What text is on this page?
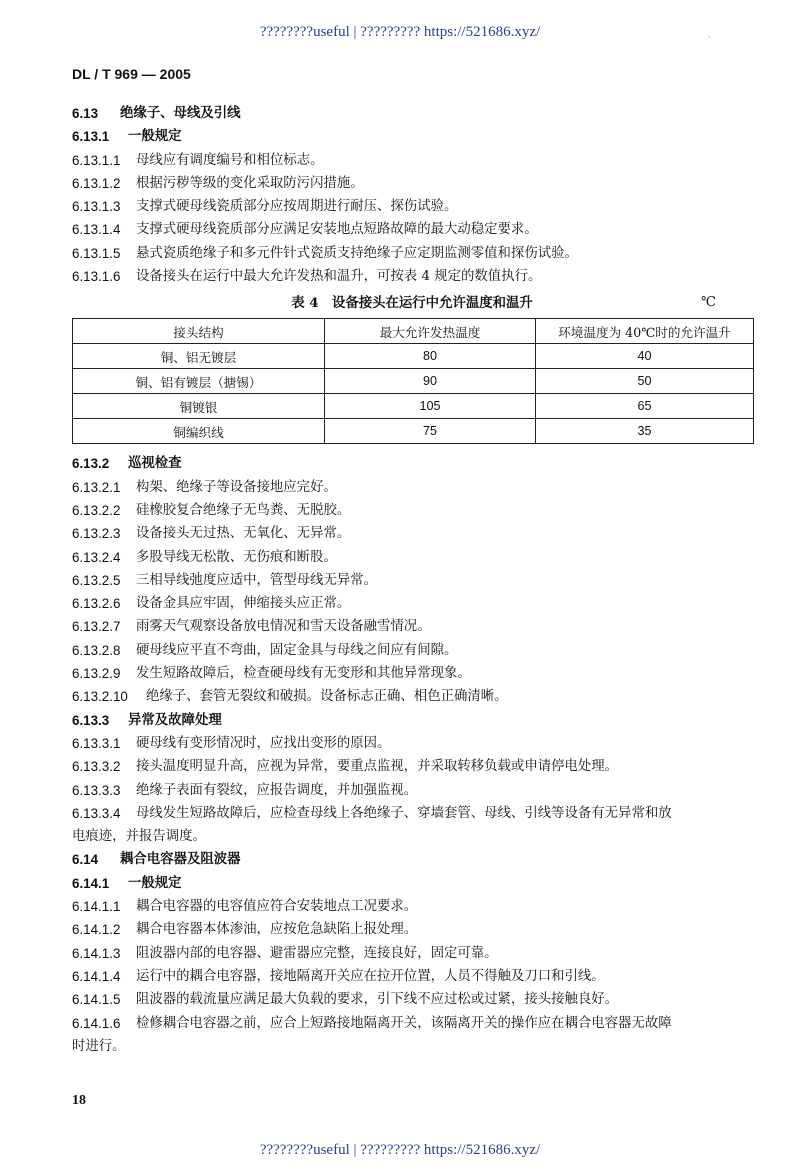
????????useful | ????????? https://521686.xyz/	·
DL / T 969 — 2005
6.13 绝缘子、母线及引线
6.13.1 一般规定
6.13.1.1 母线应有调度编号和相位标志。
6.13.1.2 根据污秽等级的变化采取防污闪措施。
6.13.1.3 支撑式硬母线瓷质部分应按周期进行耐压、探伤试验。
6.13.1.4 支撑式硬母线瓷质部分应满足安装地点短路故障的最大动稳定要求。
6.13.1.5 悬式瓷质绝缘子和多元件针式瓷质支持绝缘子应定期监测零值和探伤试验。
6.13.1.6 设备接头在运行中最大允许发热和温升，可按表 4 规定的数值执行。
表 4　设备接头在运行中允许温度和温升	℃
接头结构	最大允许发热温度	环境温度为 40℃时的允许温升
铜、铝无镀层	80	40
铜、铝有镀层（搪锡）	90	50
铜镀银	105	65
铜编织线	75	35
6.13.2 巡视检查
6.13.2.1 构架、绝缘子等设备接地应完好。
6.13.2.2 硅橡胶复合绝缘子无鸟粪、无脱胶。
6.13.2.3 设备接头无过热、无氧化、无异常。
6.13.2.4 多股导线无松散、无伤痕和断股。
6.13.2.5 三相导线弛度应适中，管型母线无异常。
6.13.2.6 设备金具应牢固，伸缩接头应正常。
6.13.2.7 雨雾天气观察设备放电情况和雪天设备融雪情况。
6.13.2.8 硬母线应平直不弯曲，固定金具与母线之间应有间隙。
6.13.2.9 发生短路故障后，检查硬母线有无变形和其他异常现象。
6.13.2.10 绝缘子、套管无裂纹和破损。设备标志正确、相色正确清晰。
6.13.3 异常及故障处理
6.13.3.1 硬母线有变形情况时，应找出变形的原因。
6.13.3.2 接头温度明显升高，应视为异常，要重点监视，并采取转移负载或申请停电处理。
6.13.3.3 绝缘子表面有裂纹，应报告调度，并加强监视。
6.13.3.4	母线发生短路故障后，应检查母线上各绝缘子、穿墙套管、母线、引线等设备有无异常和放
电痕迹，并报告调度。
6.14 耦合电容器及阻波器
6.14.1 一般规定
6.14.1.1 耦合电容器的电容值应符合安装地点工况要求。
6.14.1.2 耦合电容器本体渗油，应按危急缺陷上报处理。
6.14.1.3 阻波器内部的电容器、避雷器应完整，连接良好，固定可靠。
6.14.1.4 运行中的耦合电容器，接地隔离开关应在拉开位置，人员不得触及刀口和引线。
6.14.1.5 阻波器的载流量应满足最大负载的要求，引下线不应过松或过紧，接头接触良好。
6.14.1.6	检修耦合电容器之前，应合上短路接地隔离开关，该隔离开关的操作应在耦合电容器无故障
时进行。
18
????????useful | ????????? https://521686.xyz/
